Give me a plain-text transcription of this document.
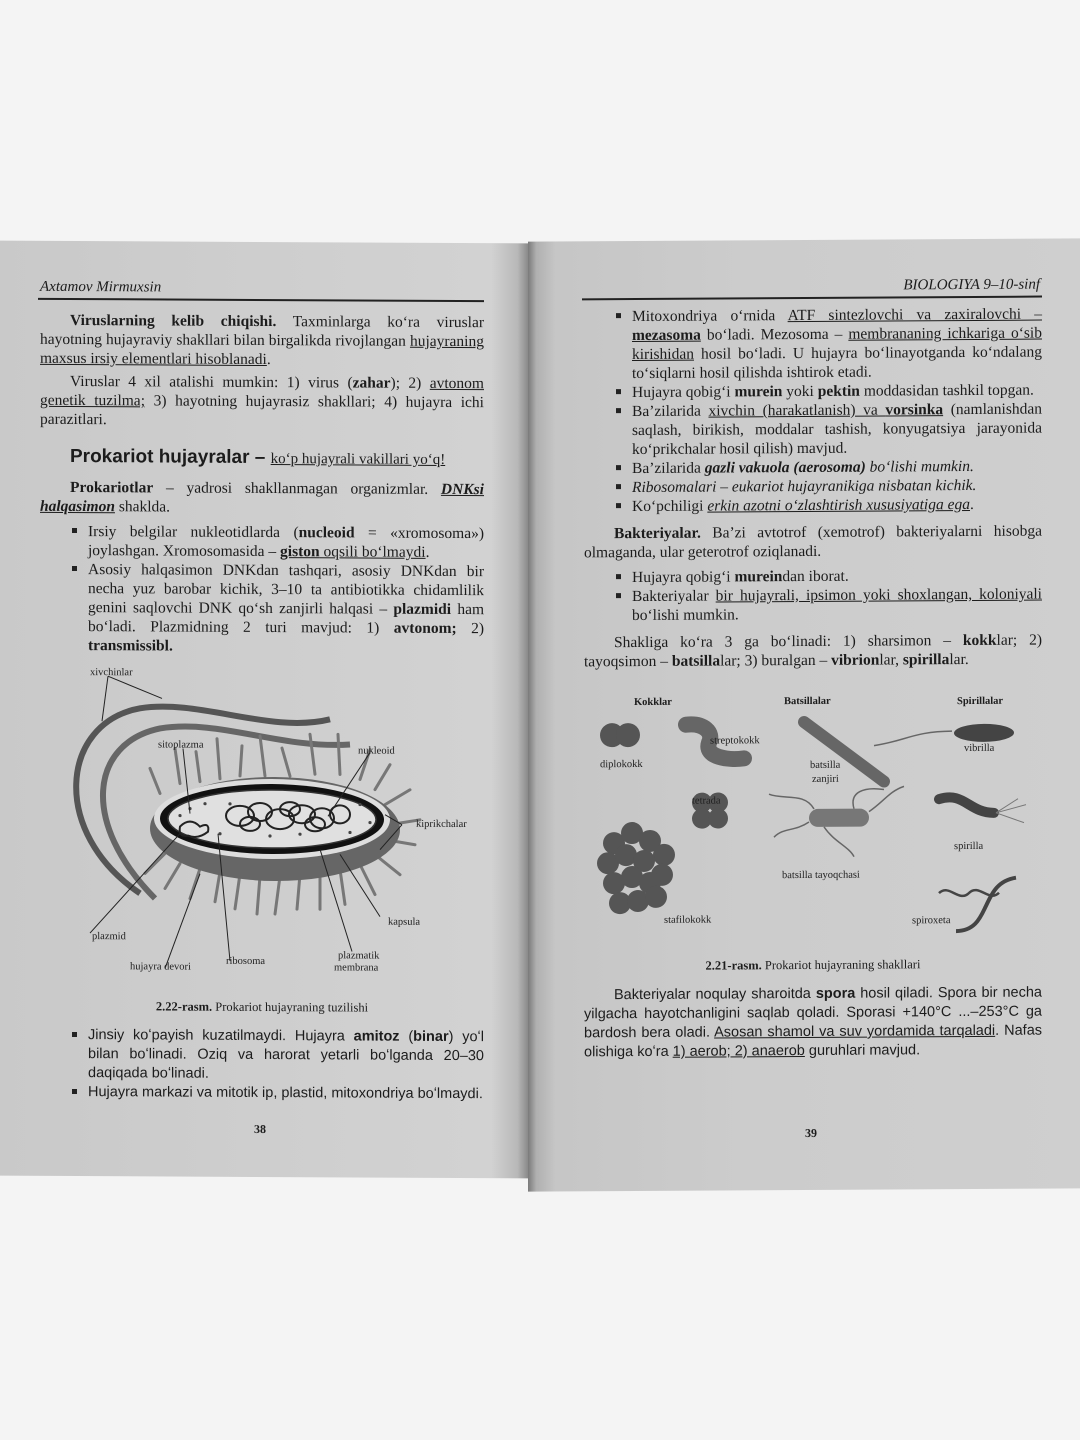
Axtamov Mirmuxsin

Viruslarning kelib chiqishi. Taxminlarga koʻra viruslar hayotning hujayraviy shakllari bilan birgalikda rivojlangan hujayraning maxsus irsiy elementlari hisoblanadi.

Viruslar 4 xil atalishi mumkin: 1) virus (zahar); 2) avtonom genetik tuzilma; 3) hayotning hujayrasiz shakllari; 4) hujayra ichi parazitlari.

Prokariot hujayralar – koʻp hujayrali vakillari yoʻq!

Prokariotlar – yadrosi shakllanmagan organizmlar. DNKsi halqasimon shaklda.

Irsiy belgilar nukleotidlarda (nucleoid = «xromosoma») joylashgan. Xromosomasida – giston oqsili boʻlmaydi.
Asosiy halqasimon DNKdan tashqari, asosiy DNKdan bir necha yuz barobar kichik, 3–10 ta antibiotikka chidamlilik genini saqlovchi DNK qoʻsh zanjirli halqasi – plazmidi ham boʻladi. Plazmidning 2 turi mavjud: 1) avtonom; 2) transmissibl.
xivchinlar
sitoplazma
nukleoid
kiprikchalar
kapsula
plazmid
hujayra devori	ribosoma	plazmatik
membrana
2.22-rasm. Prokariot hujayraning tuzilishi
Jinsiy koʻpayish kuzatilmaydi. Hujayra amitoz (binar) yoʻl bilan boʻlinadi. Oziq va harorat yetarli boʻlganda 20–30 daqiqada boʻlinadi.
Hujayra markazi va mitotik ip, plastid, mitoxondriya boʻlmaydi.
38
BIOLOGIYA 9–10-sinf
Mitoxondriya oʻrnida ATF sintezlovchi va zaxiralovchi – mezasoma boʻladi. Mezosoma – membrananing ichkariga oʻsib kirishidan hosil boʻladi. U hujayra boʻlinayotganda koʻndalang toʻsiqlarni hosil qilishda ishtirok etadi.
Hujayra qobigʻi murein yoki pektin moddasidan tashkil topgan.
Baʼzilarida xivchin (harakatlanish) va vorsinka (namlanishdan saqlash, birikish, moddalar tashish, konyugatsiya jarayonida koʻprikchalar hosil qilish) mavjud.
Baʼzilarida gazli vakuola (aerosoma) boʻlishi mumkin.
Ribosomalari – eukariot hujayranikiga nisbatan kichik.
Koʻpchiligi erkin azotni oʻzlashtirish xususiyatiga ega.

Bakteriyalar. Baʼzi avtotrof (xemotrof) bakteriyalarni hisobga olmaganda, ular geterotrof oziqlanadi.

Hujayra qobigʻi mureindan iborat.
Bakteriyalar bir hujayrali, ipsimon yoki shoxlangan, koloniyali boʻlishi mumkin.

Shakliga koʻra 3 ga boʻlinadi: 1) sharsimon – kokklar; 2) tayoqsimon – batsillalar; 3) buralgan – vibrionlar, spirillalar.

Kokklar	Batsillalar	Spirillalar
diplokokk
streptokokk
batsilla
zanjiri
vibrilla
tetrada
spirilla
batsilla tayoqchasi
stafilokokk	spiroxeta
2.21-rasm. Prokariot hujayraning shakllari

Bakteriyalar noqulay sharoitda spora hosil qiladi. Spora bir necha yilgacha hayotchanligini saqlab qoladi. Sporasi +140°C ...–253°C ga bardosh bera oladi. Asosan shamol va suv yordamida tarqaladi. Nafas olishiga koʻra 1) aerob; 2) anaerob guruhlari mavjud.

39
